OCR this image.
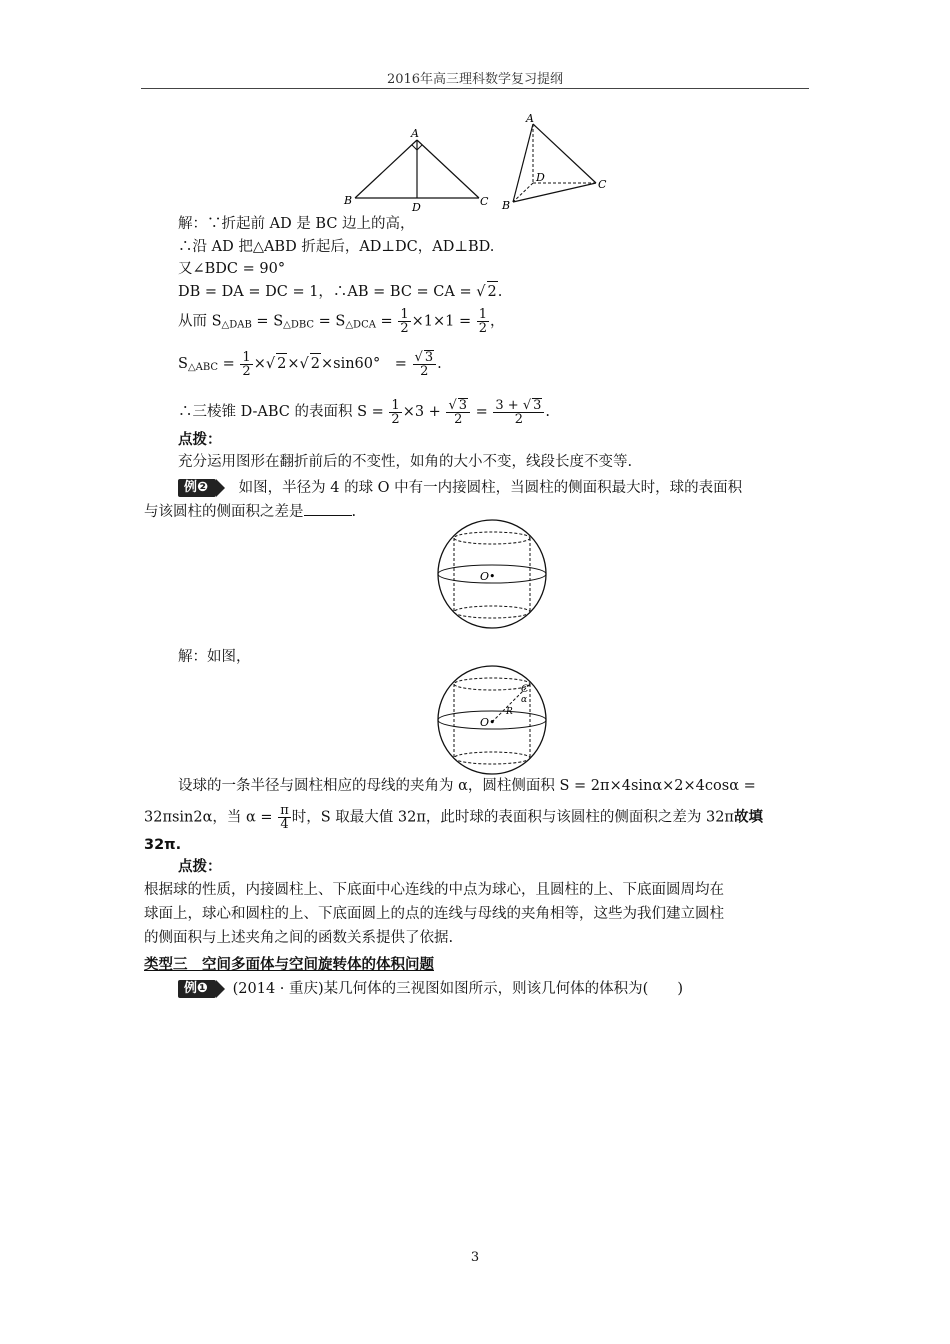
2016年高三理科数学复习提纲
A
B	C
D
A
B
C
D
解：∵折起前 AD 是 BC 边上的高，
∴沿 AD 把△ABD 折起后，AD⊥DC，AD⊥BD.
又∠BDC = 90°
DB = DA = DC = 1，∴AB = BC = CA = √ 2.
从而 $S_{\triangle DAB} = S_{\triangle DBC} = S_{\triangle DCA} = \frac{1}{2} \times 1\times 1 = \frac{1}{2}$ ，
$S_{\triangle ABC} = \frac{1}{2}$ ×√ 2×√ 2×sin60°　= $\frac{√ 3}{2}$ .
∴三棱锥 D-ABC 的表面积 $S = \frac{1}{2} \times 3 + \frac{√ 3}{2} = \frac{3 + √ 3}{2}$ .
点拨：
充分运用图形在翻折前后的不变性，如角的大小不变，线段长度不变等.
例❷ 如图，半径为 4 的球 O 中有一内接圆柱，当圆柱的侧面积最大时，球的表面积
与该圆柱的侧面积之差是	.
O•
解：如图，
O•
C
α
R
设球的一条半径与圆柱相应的母线的夹角为 α，圆柱侧面积 S = 2π×4sinα×2×4cosα =
32πsin2α，当 $\alpha = \frac{\pi}{4}$ 时，S 取最大值 32π，此时球的表面积与该圆柱的侧面积之差为 32π故填
32π.
点拨：
根据球的性质，内接圆柱上、下底面中心连线的中点为球心，且圆柱的上、下底面圆周均在
球面上，球心和圆柱的上、下底面圆上的点的连线与母线的夹角相等，这些为我们建立圆柱
的侧面积与上述夹角之间的函数关系提供了依据.
类型三　空间多面体与空间旋转体的体积问题
例❶ (2014 · 重庆)某几何体的三视图如图所示，则该几何体的体积为(　　)
3
